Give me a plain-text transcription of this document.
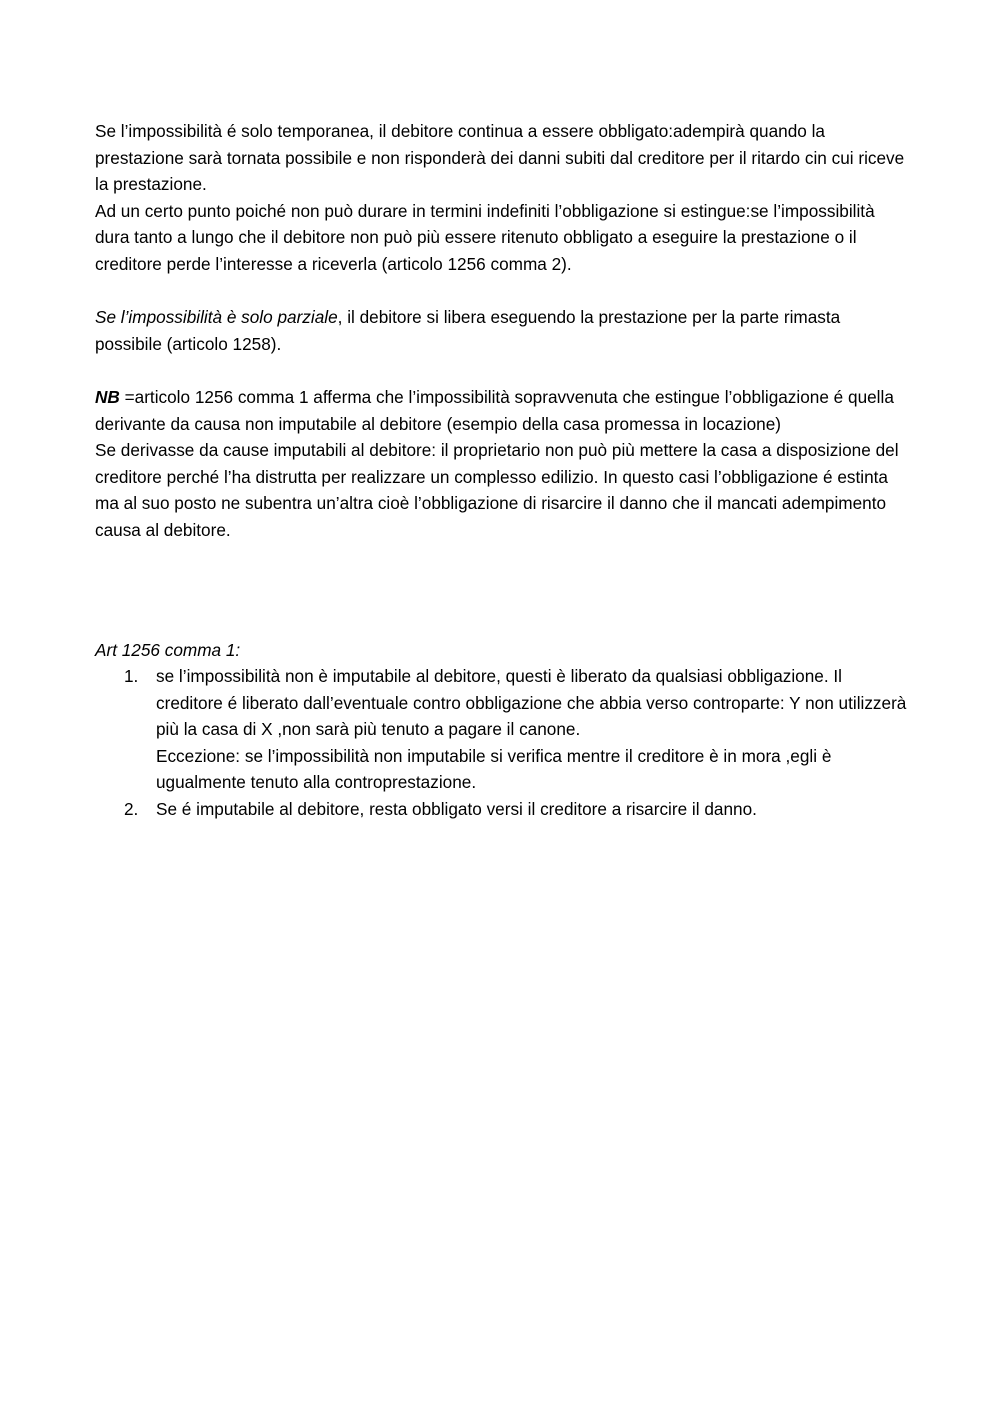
Se l’impossibilità é solo temporanea, il debitore continua a essere obbligato:adempirà quando la prestazione sarà tornata possibile e non risponderà dei danni subiti dal creditore per il ritardo cin cui riceve la prestazione.

Ad un certo punto poiché non può durare in termini indefiniti l’obbligazione si estingue:se l’impossibilità dura tanto a lungo che il debitore non può più essere ritenuto obbligato a eseguire la prestazione o il creditore perde l’interesse a riceverla (articolo 1256 comma 2).

Se l’impossibilità è solo parziale, il debitore si libera eseguendo la prestazione per la parte rimasta possibile (articolo 1258).

NB =articolo 1256 comma 1 afferma che l’impossibilità sopravvenuta che estingue l’obbligazione é quella derivante da causa non imputabile al debitore (esempio della casa promessa in locazione)

Se derivasse da cause imputabili al debitore: il proprietario non può più mettere la casa a disposizione del creditore perché l’ha distrutta per realizzare un complesso edilizio. In questo casi l’obbligazione é estinta ma al suo posto ne subentra un’altra cioè l’obbligazione di risarcire il danno che il mancati adempimento causa al debitore.

Art 1256 comma 1:

1. se l’impossibilità non è imputabile al debitore, questi è liberato da qualsiasi obbligazione. Il creditore é liberato dall’eventuale contro obbligazione che abbia verso controparte: Y non utilizzerà più la casa di X ,non sarà più tenuto a pagare il canone.
Eccezione: se l’impossibilità non imputabile si verifica mentre il creditore è in mora ,egli è ugualmente tenuto alla controprestazione.
2. Se é imputabile al debitore, resta obbligato versi il creditore a risarcire il danno.
